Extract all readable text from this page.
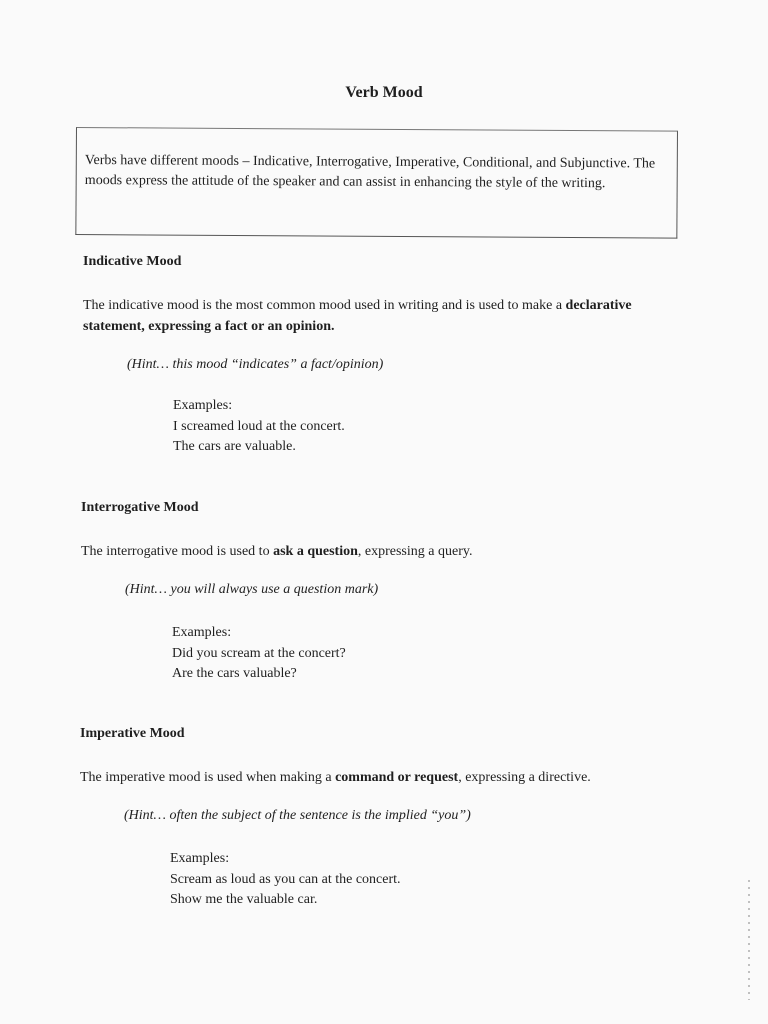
Verb Mood
Verbs have different moods – Indicative, Interrogative, Imperative, Conditional, and Subjunctive. The moods express the attitude of the speaker and can assist in enhancing the style of the writing.
Indicative Mood
The indicative mood is the most common mood used in writing and is used to make a declarative statement, expressing a fact or an opinion.
(Hint… this mood “indicates” a fact/opinion)
Examples:
I screamed loud at the concert.
The cars are valuable.
Interrogative Mood
The interrogative mood is used to ask a question, expressing a query.
(Hint… you will always use a question mark)
Examples:
Did you scream at the concert?
Are the cars valuable?
Imperative Mood
The imperative mood is used when making a command or request, expressing a directive.
(Hint… often the subject of the sentence is the implied “you”)
Examples:
Scream as loud as you can at the concert.
Show me the valuable car.
